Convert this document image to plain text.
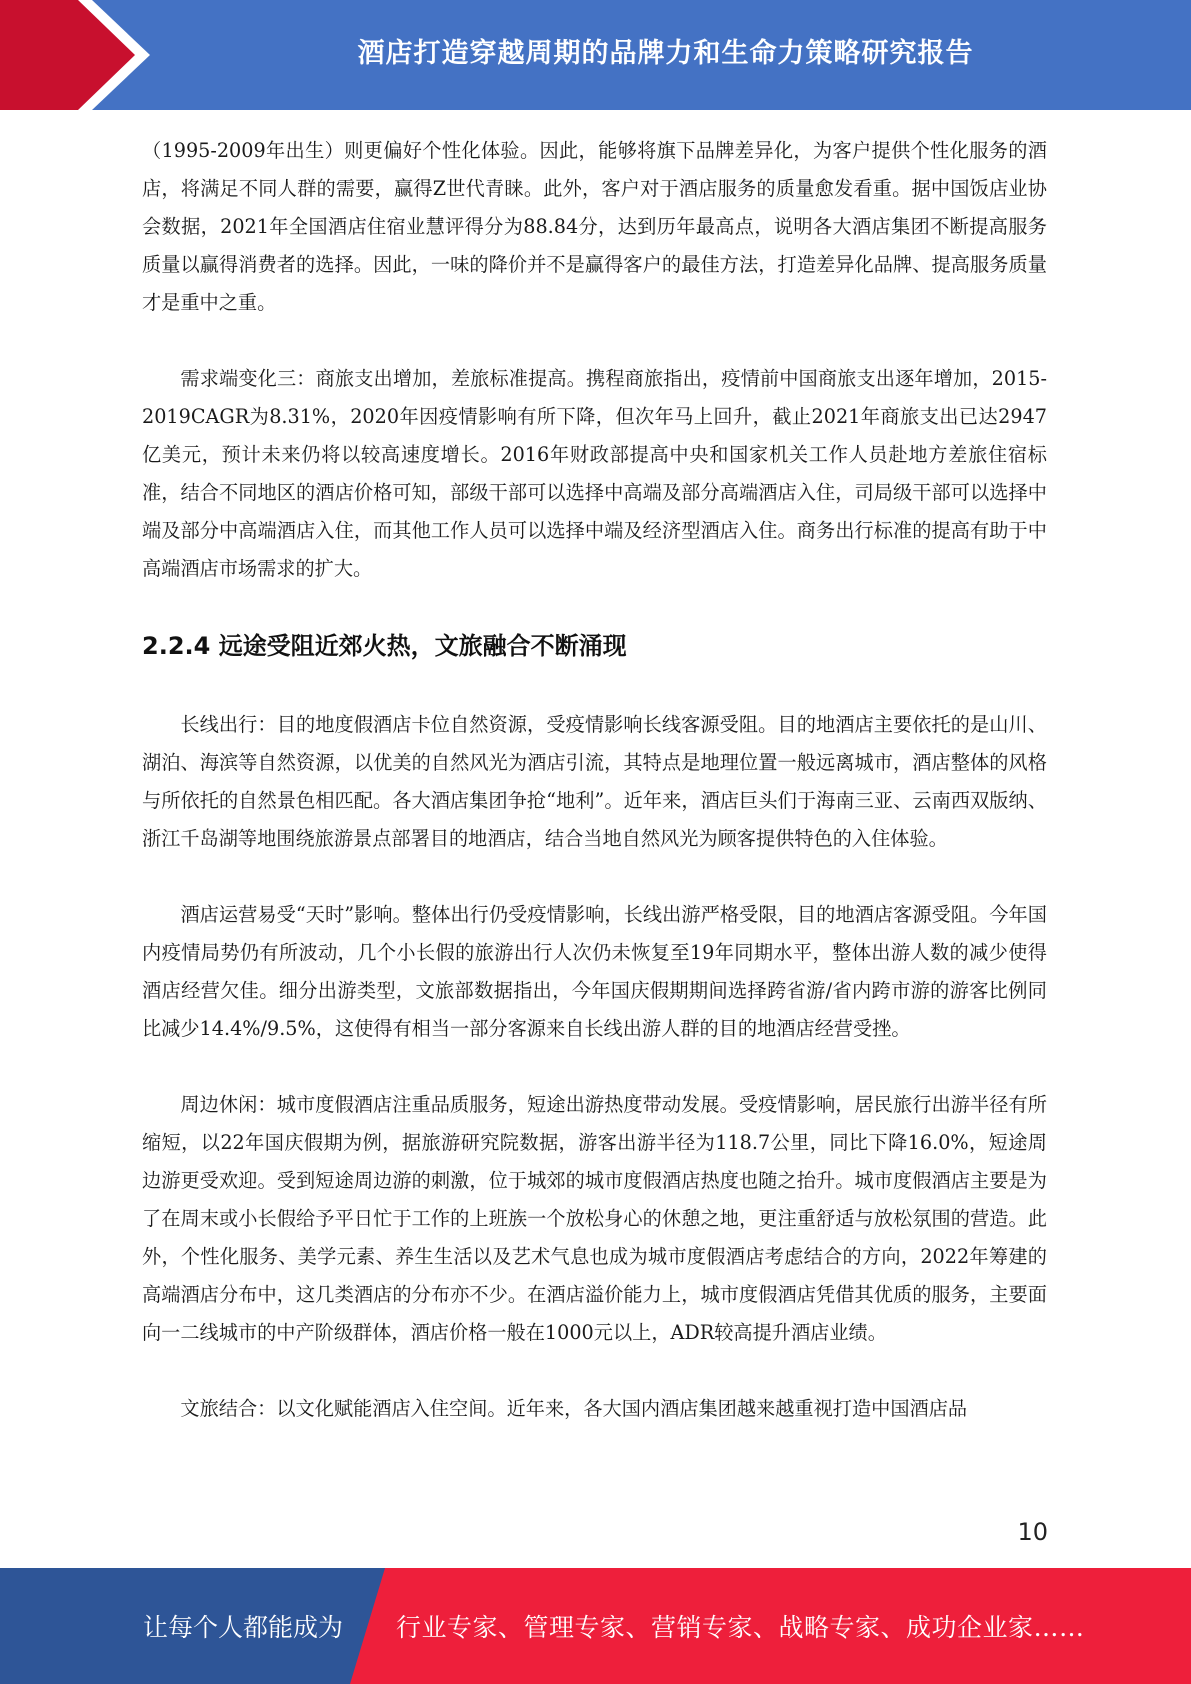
酒店打造穿越周期的品牌力和生命力策略研究报告

（1995-2009年出生）则更偏好个性化体验。因此，能够将旗下品牌差异化，为客户提供个性化服务的酒店，将满足不同人群的需要，赢得Z世代青睐。此外，客户对于酒店服务的质量愈发看重。据中国饭店业协会数据，2021年全国酒店住宿业慧评得分为88.84分，达到历年最高点，说明各大酒店集团不断提高服务质量以赢得消费者的选择。因此，一味的降价并不是赢得客户的最佳方法，打造差异化品牌、提高服务质量才是重中之重。

需求端变化三：商旅支出增加，差旅标准提高。携程商旅指出，疫情前中国商旅支出逐年增加，2015-2019CAGR为8.31%，2020年因疫情影响有所下降，但次年马上回升，截止2021年商旅支出已达2947亿美元，预计未来仍将以较高速度增长。2016年财政部提高中央和国家机关工作人员赴地方差旅住宿标准，结合不同地区的酒店价格可知，部级干部可以选择中高端及部分高端酒店入住，司局级干部可以选择中端及部分中高端酒店入住，而其他工作人员可以选择中端及经济型酒店入住。商务出行标准的提高有助于中高端酒店市场需求的扩大。

2.2.4 远途受阻近郊火热，文旅融合不断涌现

长线出行：目的地度假酒店卡位自然资源，受疫情影响长线客源受阻。目的地酒店主要依托的是山川、湖泊、海滨等自然资源，以优美的自然风光为酒店引流，其特点是地理位置一般远离城市，酒店整体的风格与所依托的自然景色相匹配。各大酒店集团争抢“地利”。近年来，酒店巨头们于海南三亚、云南西双版纳、浙江千岛湖等地围绕旅游景点部署目的地酒店，结合当地自然风光为顾客提供特色的入住体验。

酒店运营易受“天时”影响。整体出行仍受疫情影响，长线出游严格受限，目的地酒店客源受阻。今年国内疫情局势仍有所波动，几个小长假的旅游出行人次仍未恢复至19年同期水平，整体出游人数的减少使得酒店经营欠佳。细分出游类型，文旅部数据指出，今年国庆假期期间选择跨省游/省内跨市游的游客比例同比减少14.4%/9.5%，这使得有相当一部分客源来自长线出游人群的目的地酒店经营受挫。

周边休闲：城市度假酒店注重品质服务，短途出游热度带动发展。受疫情影响，居民旅行出游半径有所缩短，以22年国庆假期为例，据旅游研究院数据，游客出游半径为118.7公里，同比下降16.0%，短途周边游更受欢迎。受到短途周边游的刺激，位于城郊的城市度假酒店热度也随之抬升。城市度假酒店主要是为了在周末或小长假给予平日忙于工作的上班族一个放松身心的休憩之地，更注重舒适与放松氛围的营造。此外，个性化服务、美学元素、养生生活以及艺术气息也成为城市度假酒店考虑结合的方向，2022年筹建的高端酒店分布中，这几类酒店的分布亦不少。在酒店溢价能力上，城市度假酒店凭借其优质的服务，主要面向一二线城市的中产阶级群体，酒店价格一般在1000元以上，ADR较高提升酒店业绩。

文旅结合：以文化赋能酒店入住空间。近年来，各大国内酒店集团越来越重视打造中国酒店品

10
让每个人都能成为 行业专家、管理专家、营销专家、战略专家、成功企业家……
